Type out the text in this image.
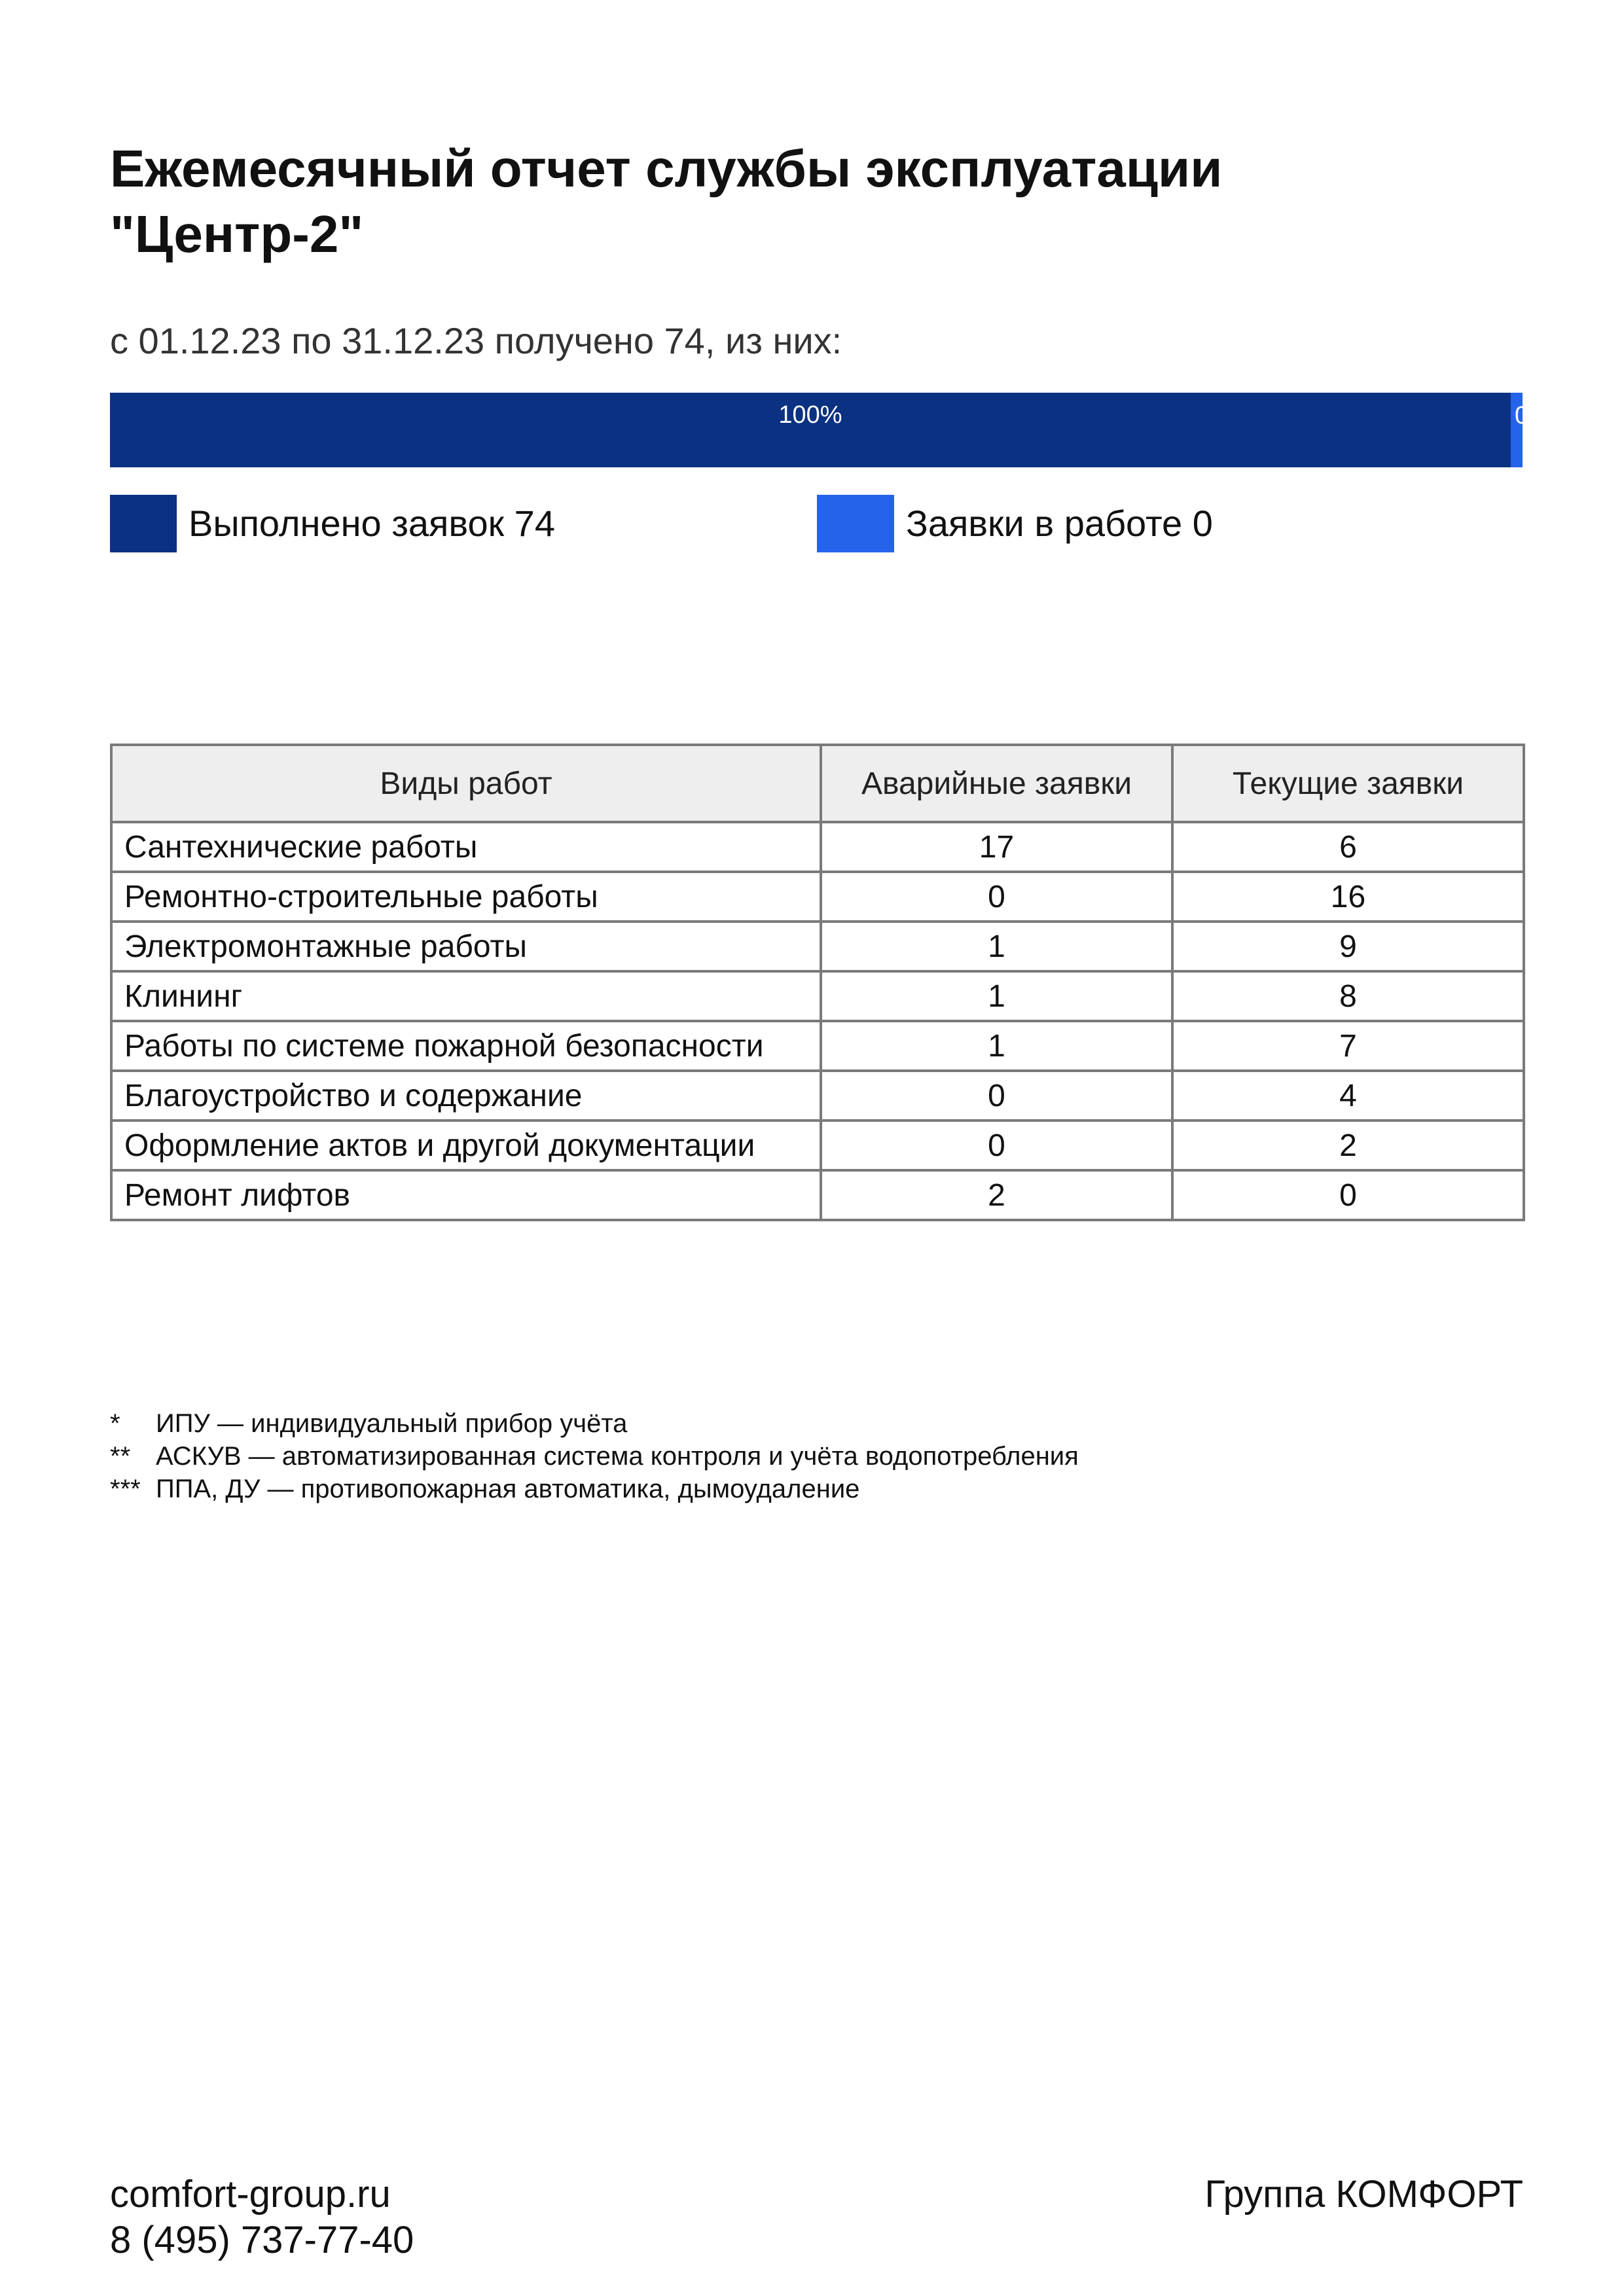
Ежемесячный отчет службы эксплуатации
"Центр-2"
с 01.12.23 по 31.12.23 получено 74, из них:
100%	0%
Выполнено заявок 74	Заявки в работе 0
Виды работ	Аварийные заявки	Текущие заявки
Сантехнические работы	17	6
Ремонтно-строительные работы	0	16
Электромонтажные работы	1	9
Клининг	1	8
Работы по системе пожарной безопасности	1	7
Благоустройство и содержание	0	4
Оформление актов и другой документации	0	2
Ремонт лифтов	2	0
*	ИПУ — индивидуальный прибор учёта
** АСКУВ — автоматизированная система контроля и учёта водопотребления
*** ППА, ДУ — противопожарная автоматика, дымоудаление
comfort-group.ru
8 (495) 737-77-40
Группа КОМФОРТ
